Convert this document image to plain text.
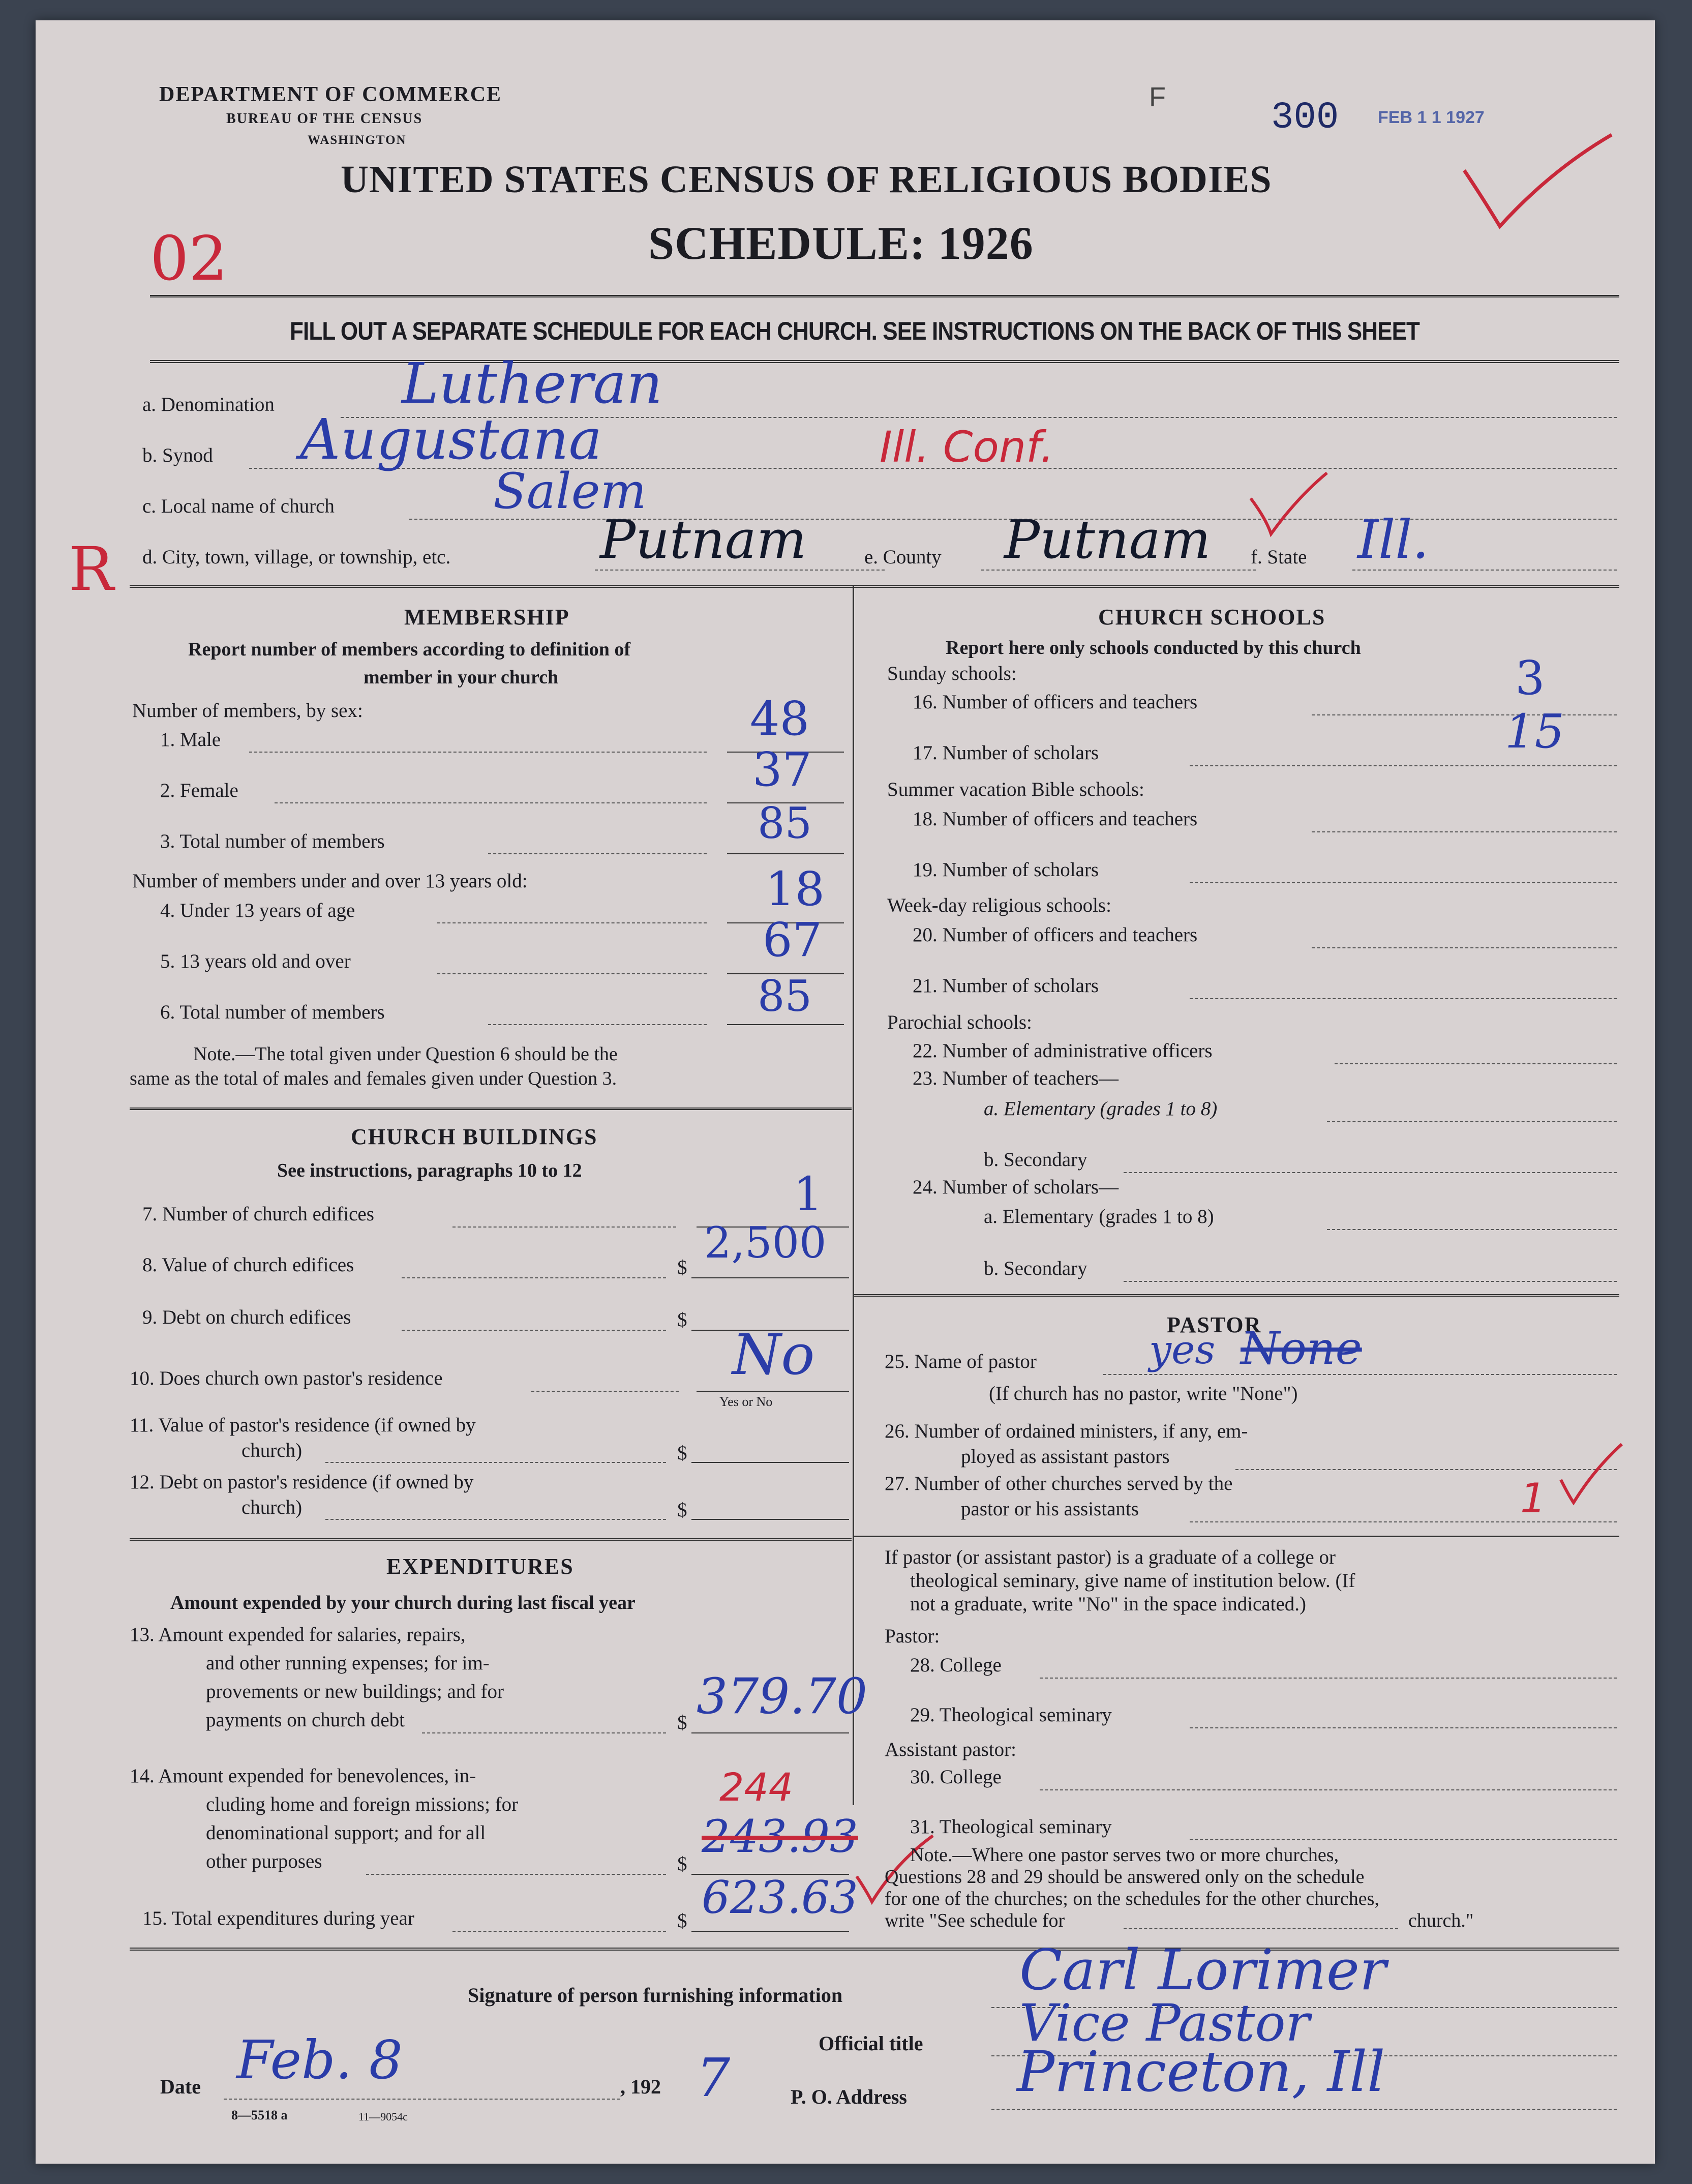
DEPARTMENT OF COMMERCE
BUREAU OF THE CENSUS
WASHINGTON
UNITED STATES CENSUS OF RELIGIOUS BODIES
SCHEDULE: 1926
300 FEB 1 1 1927
F
02
R
FILL OUT A SEPARATE SCHEDULE FOR EACH CHURCH. SEE INSTRUCTIONS ON THE BACK OF THIS SHEET
a. Denomination Lutheran
b. Synod Augustana	Ill. Conf.
c. Local name of church	Salem
d. City, town, village, or township, etc.	Putnam	e. County Putnam f. State Ill.
MEMBERSHIP
Report number of members according to definition of
member in your church
Number of members, by sex:
1. Male	48
2. Female	37
3. Total number of members	85
Number of members under and over 13 years old:
4. Under 13 years of age	18
5. 13 years old and over	67
6. Total number of members	85
Note.—The total given under Question 6 should be the
same as the total of males and females given under Question 3.
CHURCH BUILDINGS
See instructions, paragraphs 10 to 12
7. Number of church edifices	1
8. Value of church edifices	$ 2,500
9. Debt on church edifices	$
10. Does church own pastor's residence	No
Yes or No
11. Value of pastor's residence (if owned by
church)	$
12. Debt on pastor's residence (if owned by
church)	$
EXPENDITURES
Amount expended by your church during last fiscal year
13. Amount expended for salaries, repairs,
and other running expenses; for im-
provements or new buildings; and for
payments on church debt	$ 379.70
14. Amount expended for benevolences, in-
cluding home and foreign missions; for
denominational support; and for all
other purposes	$
244
243.93
15. Total expenditures during year	$ 623.63
CHURCH SCHOOLS
Report here only schools conducted by this church
Sunday schools:
16. Number of officers and teachers	3
17. Number of scholars	15
Summer vacation Bible schools:
18. Number of officers and teachers
19. Number of scholars
Week-day religious schools:
20. Number of officers and teachers
21. Number of scholars
Parochial schools:
22. Number of administrative officers
23. Number of teachers—
a. Elementary (grades 1 to 8)
b. Secondary
24. Number of scholars—
a. Elementary (grades 1 to 8)
b. Secondary
PASTOR
25. Name of pastor	yes None
(If church has no pastor, write "None")
26. Number of ordained ministers, if any, em-
ployed as assistant pastors
27. Number of other churches served by the
pastor or his assistants	1
If pastor (or assistant pastor) is a graduate of a college or
theological seminary, give name of institution below. (If
not a graduate, write "No" in the space indicated.)
Pastor:
28. College
29. Theological seminary
Assistant pastor:
30. College
31. Theological seminary
Note.—Where one pastor serves two or more churches,
Questions 28 and 29 should be answered only on the schedule
for one of the churches; on the schedules for the other churches,
write "See schedule for	church."
Signature of person furnishing information	Carl Lorimer
Official title Vice Pastor
Date Feb. 8	, 192 7	P. O. Address Princeton, Ill
8—5518 a	11—9054c
